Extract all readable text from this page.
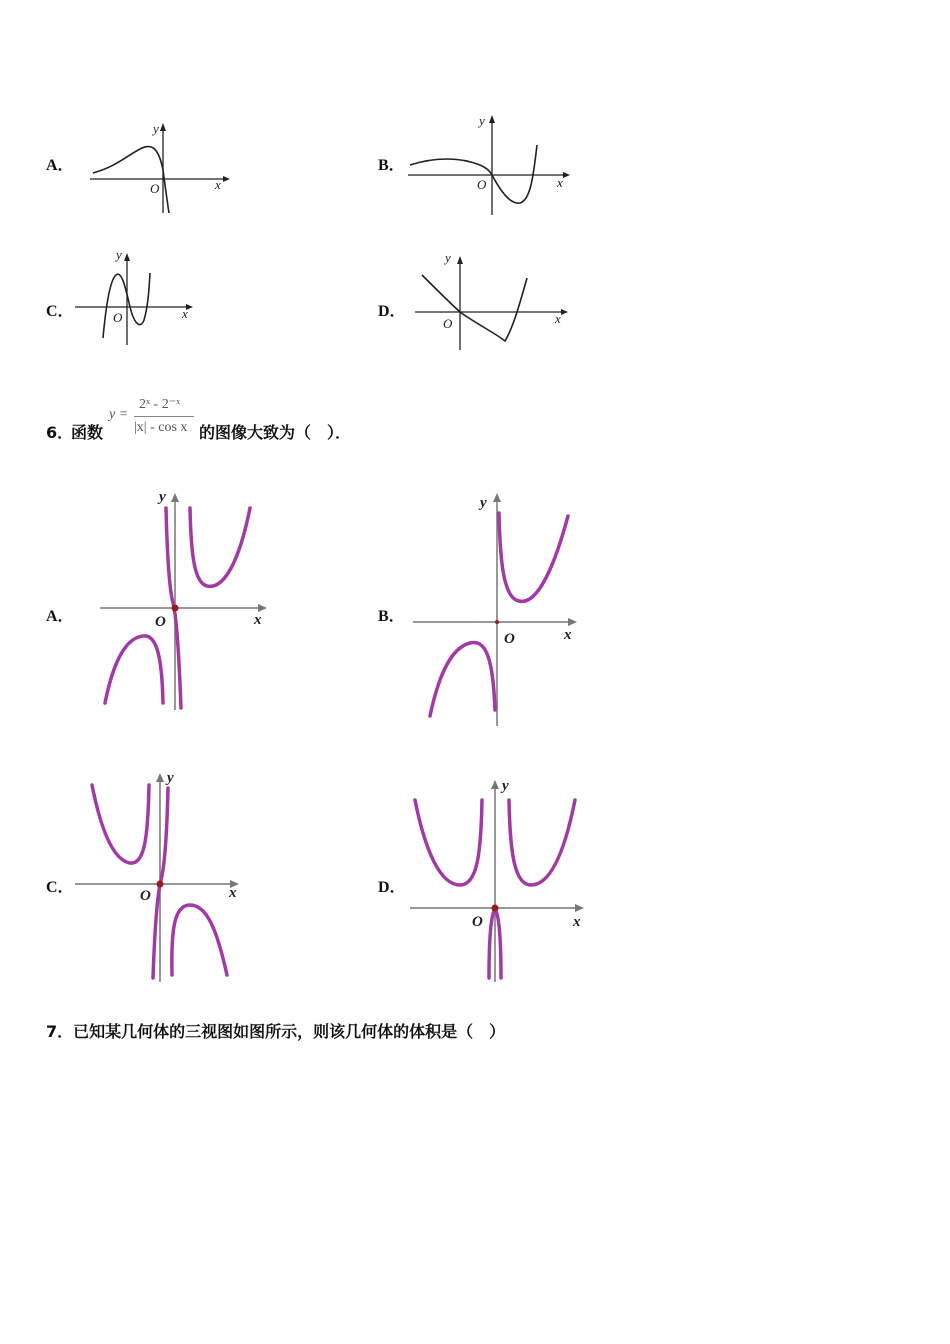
A．
y
O	x
B．
y
O	x
C．
y
O	x	D．
y
O	x
6．
函数
y =
2ˣ - 2⁻ˣ
|x| - cos x 的图像大致为（　）．
A．
y
O	x	B．
y
O	x
C．
y
O	x	D．
y
O	x
7．已知某几何体的三视图如图所示，则该几何体的体积是（　）
